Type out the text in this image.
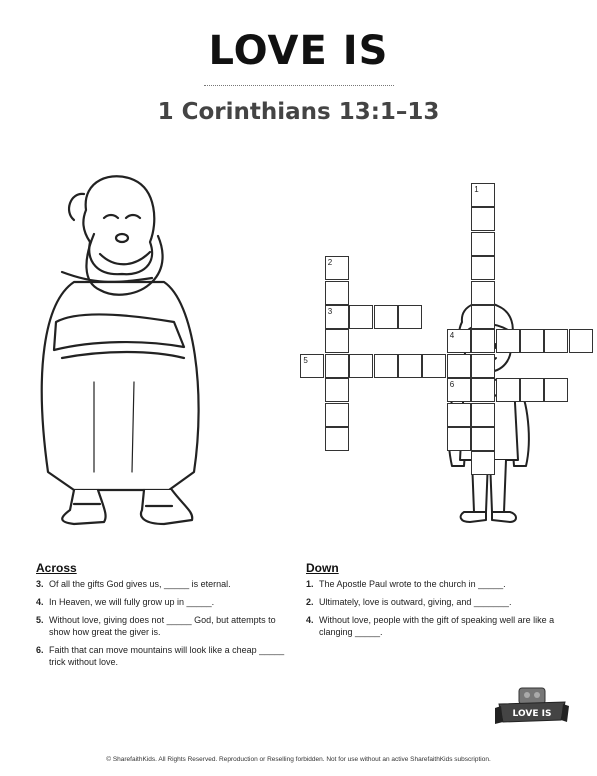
LOVE IS
1 Corinthians 13:1–13
1
2
3
4
5
6
Across
3. Of all the gifts God gives us, _____ is eternal.
4. In Heaven, we will fully grow up in _____.
5. Without love, giving does not _____ God, but attempts to show how great the giver is.
6. Faith that can move mountains will look like a cheap _____ trick without love.
Down
1. The Apostle Paul wrote to the church in _____.
2. Ultimately, love is outward, giving, and _______.
4. Without love, people with the gift of speaking well are like a clanging _____.
LOVE IS
© SharefaithKids. All Rights Reserved. Reproduction or Reselling forbidden. Not for use without an active SharefaithKids subscription.
